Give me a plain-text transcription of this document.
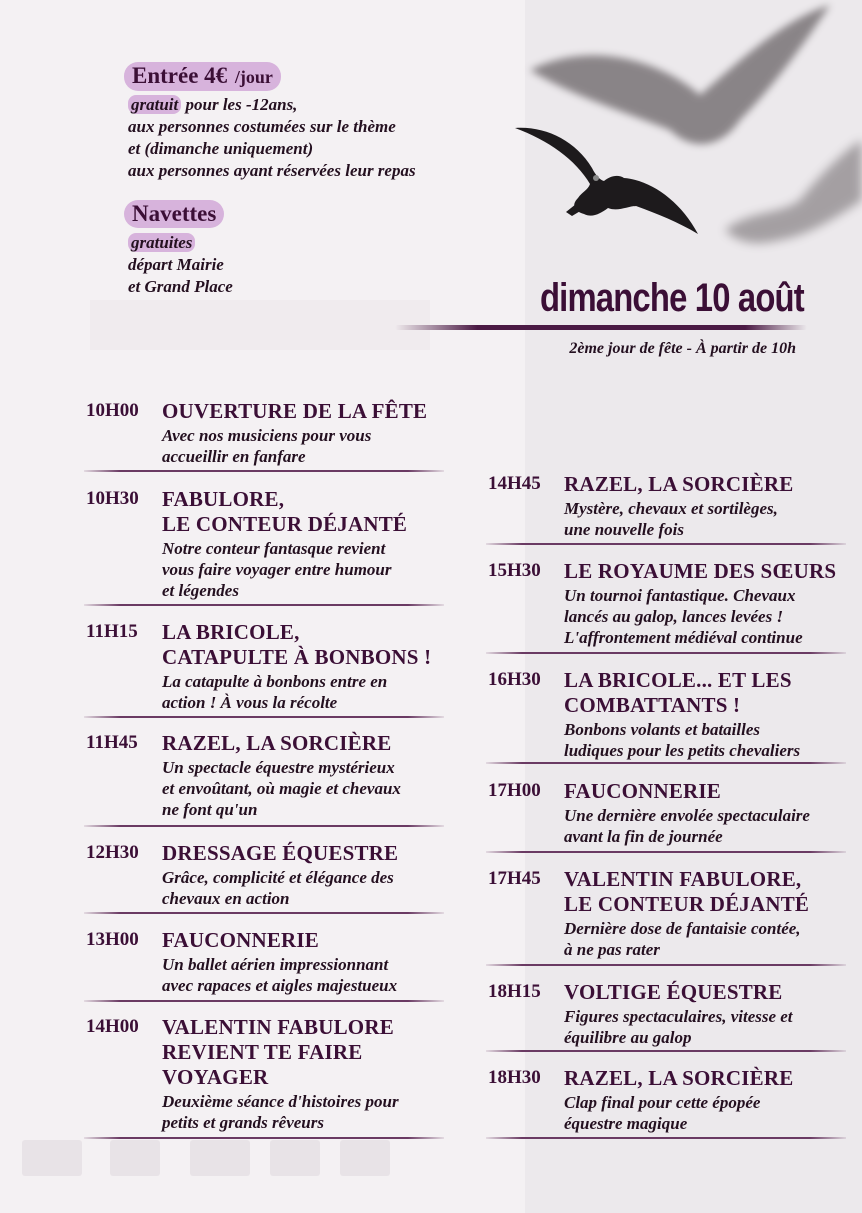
Entrée 4€ /jour
gratuit pour les -12ans,
aux personnes costumées sur le thème
et (dimanche uniquement)
aux personnes ayant réservées leur repas
Navettes
gratuites
départ Mairie
et Grand Place	dimanche 10 août
2ème jour de fête - À partir de 10h
10H00	OUVERTURE DE LA FÊTE
Avec nos musiciens pour vous
accueillir en fanfare
10H30	FABULORE,
LE CONTEUR DÉJANTÉ
Notre conteur fantasque revient
vous faire voyager entre humour
et légendes
11H15	LA BRICOLE,
CATAPULTE À BONBONS !
La catapulte à bonbons entre en
action ! À vous la récolte
11H45	RAZEL, LA SORCIÈRE
Un spectacle équestre mystérieux
et envoûtant, où magie et chevaux
ne font qu'un
12H30	DRESSAGE ÉQUESTRE
Grâce, complicité et élégance des
chevaux en action
13H00	FAUCONNERIE
Un ballet aérien impressionnant
avec rapaces et aigles majestueux
14H00	VALENTIN FABULORE
REVIENT TE FAIRE
VOYAGER
Deuxième séance d'histoires pour
petits et grands rêveurs
14H45	RAZEL, LA SORCIÈRE
Mystère, chevaux et sortilèges,
une nouvelle fois
15H30	LE ROYAUME DES SŒURS
Un tournoi fantastique. Chevaux
lancés au galop, lances levées !
L'affrontement médiéval continue
16H30	LA BRICOLE... ET LES
COMBATTANTS !
Bonbons volants et batailles
ludiques pour les petits chevaliers
17H00	FAUCONNERIE
Une dernière envolée spectaculaire
avant la fin de journée
17H45	VALENTIN FABULORE,
LE CONTEUR DÉJANTÉ
Dernière dose de fantaisie contée,
à ne pas rater
18H15	VOLTIGE ÉQUESTRE
Figures spectaculaires, vitesse et
équilibre au galop
18H30	RAZEL, LA SORCIÈRE
Clap final pour cette épopée
équestre magique
